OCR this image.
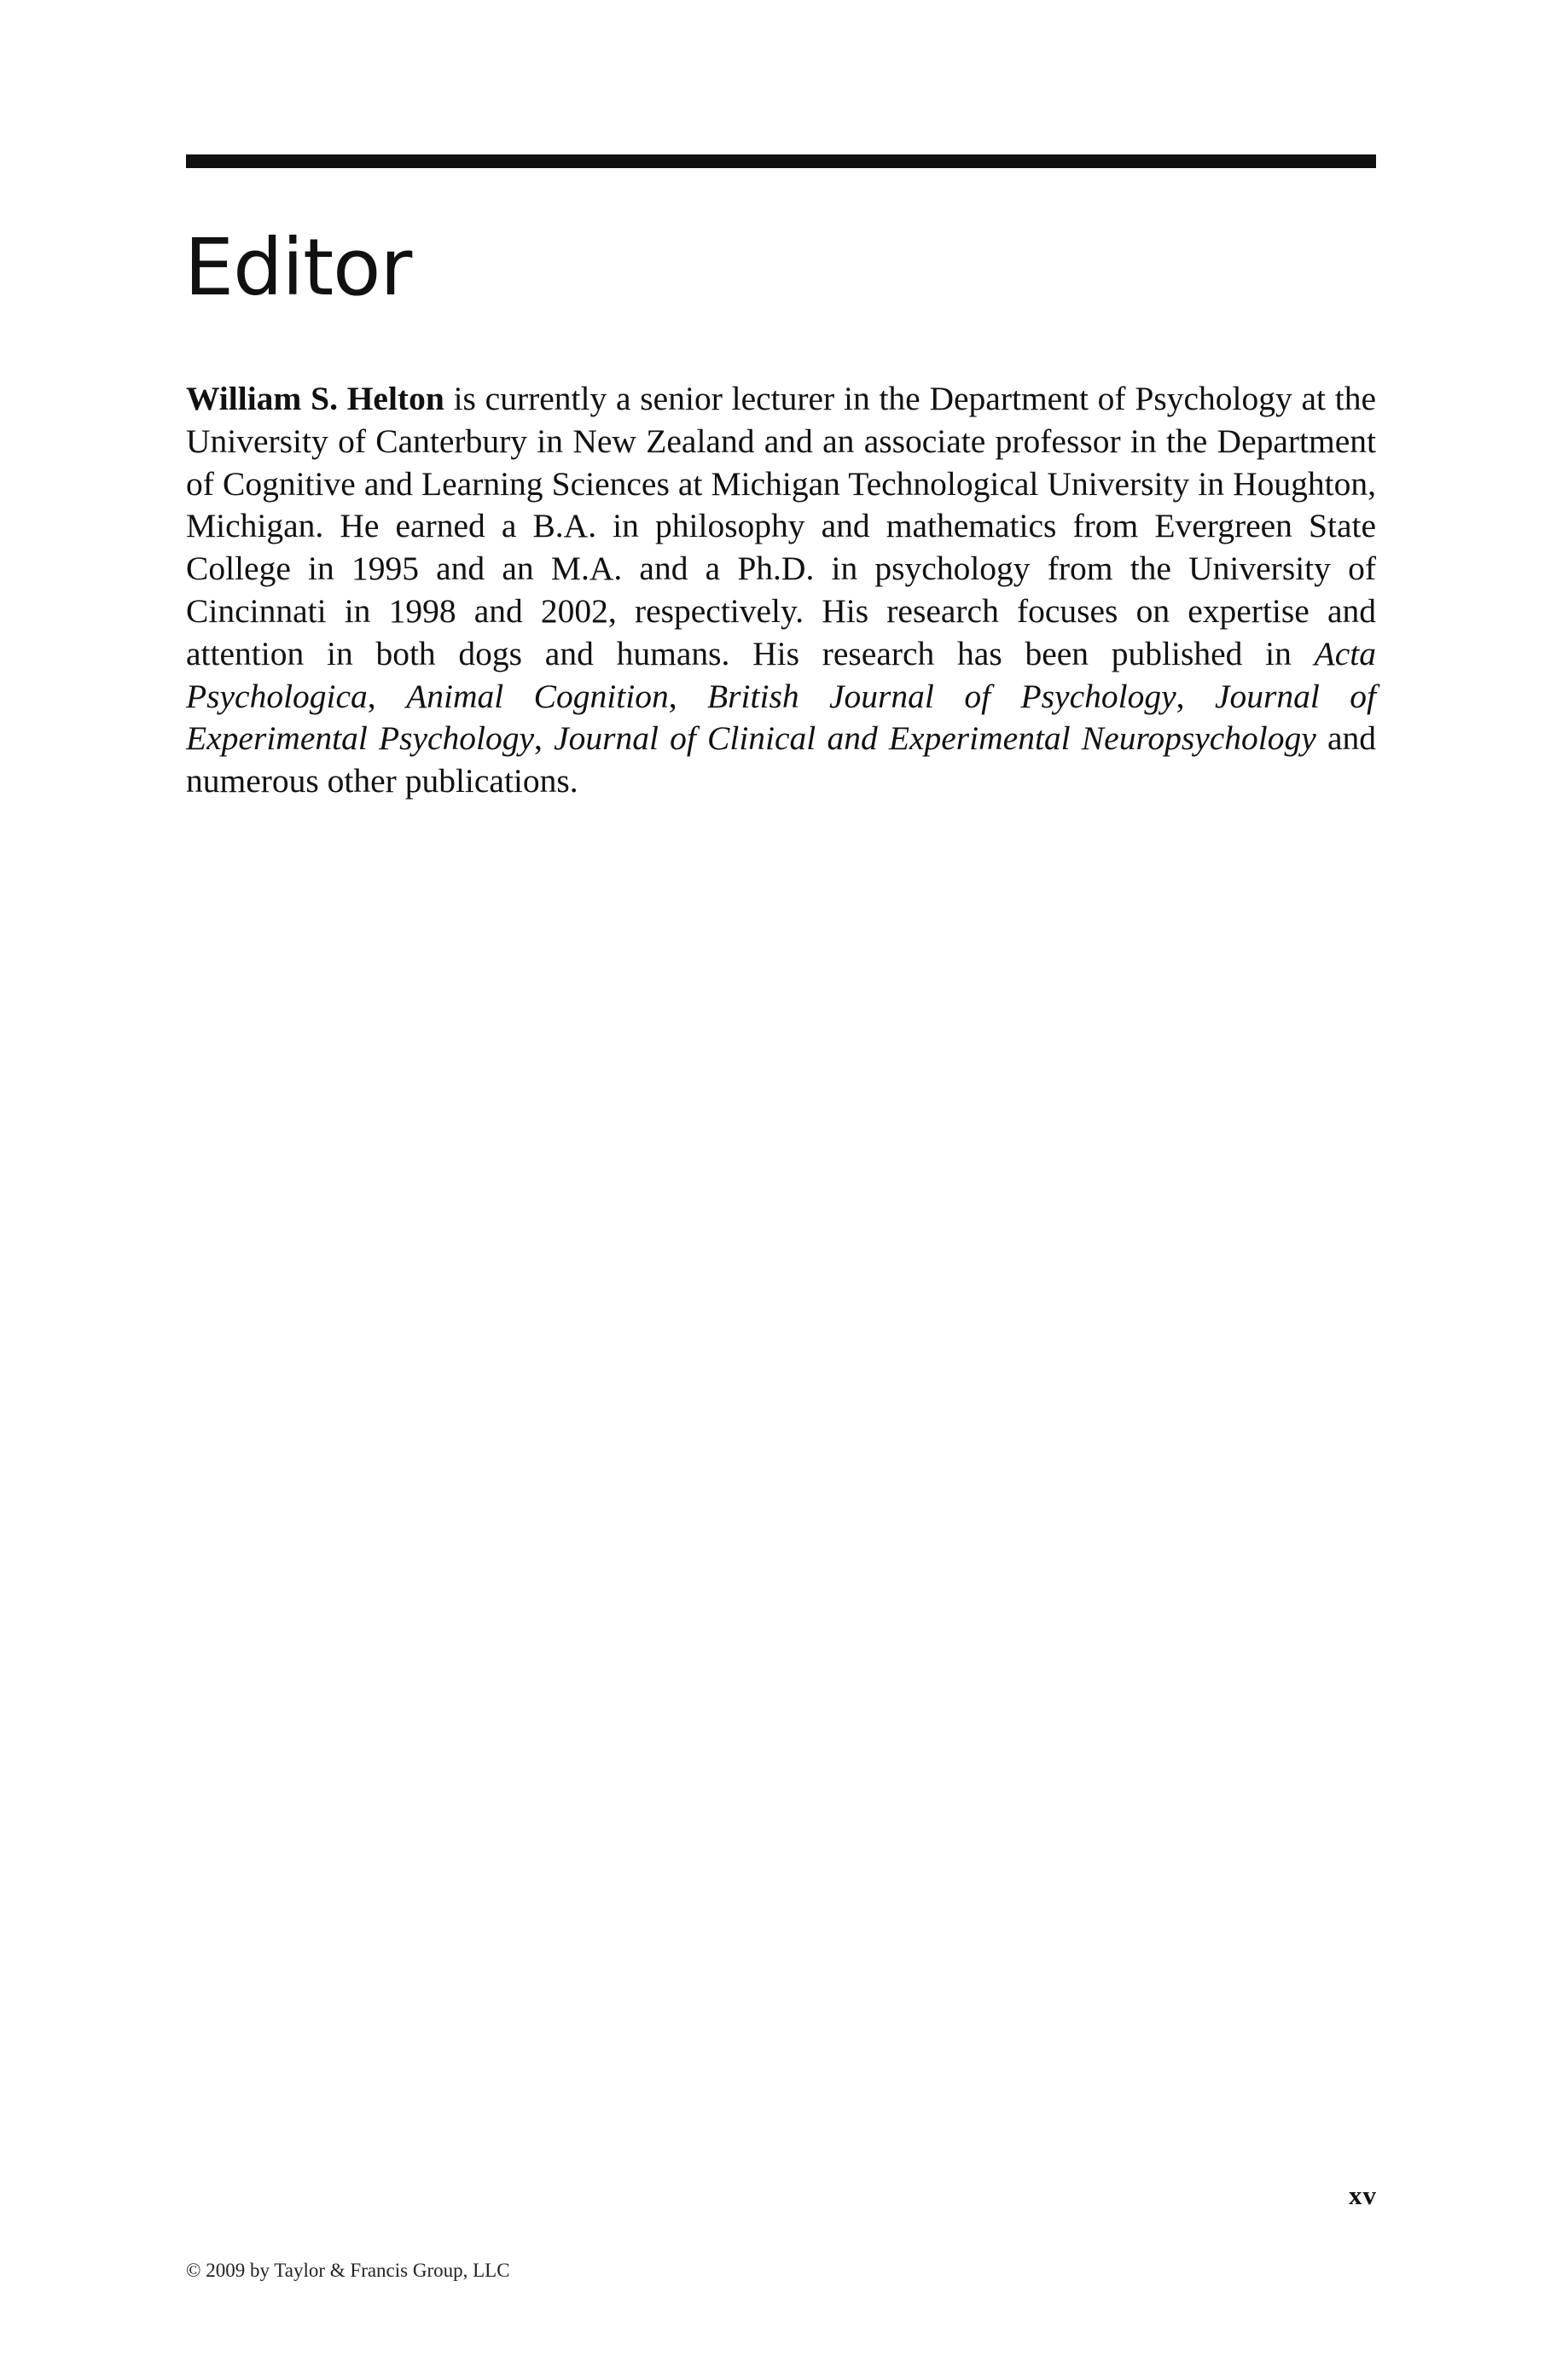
Editor

William S. Helton is currently a senior lecturer in the Department of Psychology at the University of Canterbury in New Zealand and an associate professor in the Department of Cognitive and Learning Sciences at Michigan Technological University in Houghton, Michigan. He earned a B.A. in philosophy and mathematics from Evergreen State College in 1995 and an M.A. and a Ph.D. in psychology from the University of Cincinnati in 1998 and 2002, respectively. His research focuses on expertise and attention in both dogs and humans. His research has been published in Acta Psychologica, Animal Cognition, British Journal of Psychology, Journal of Experimental Psychology, Journal of Clinical and Experimental Neuropsychology and numerous other publications.

xv
© 2009 by Taylor & Francis Group, LLC
